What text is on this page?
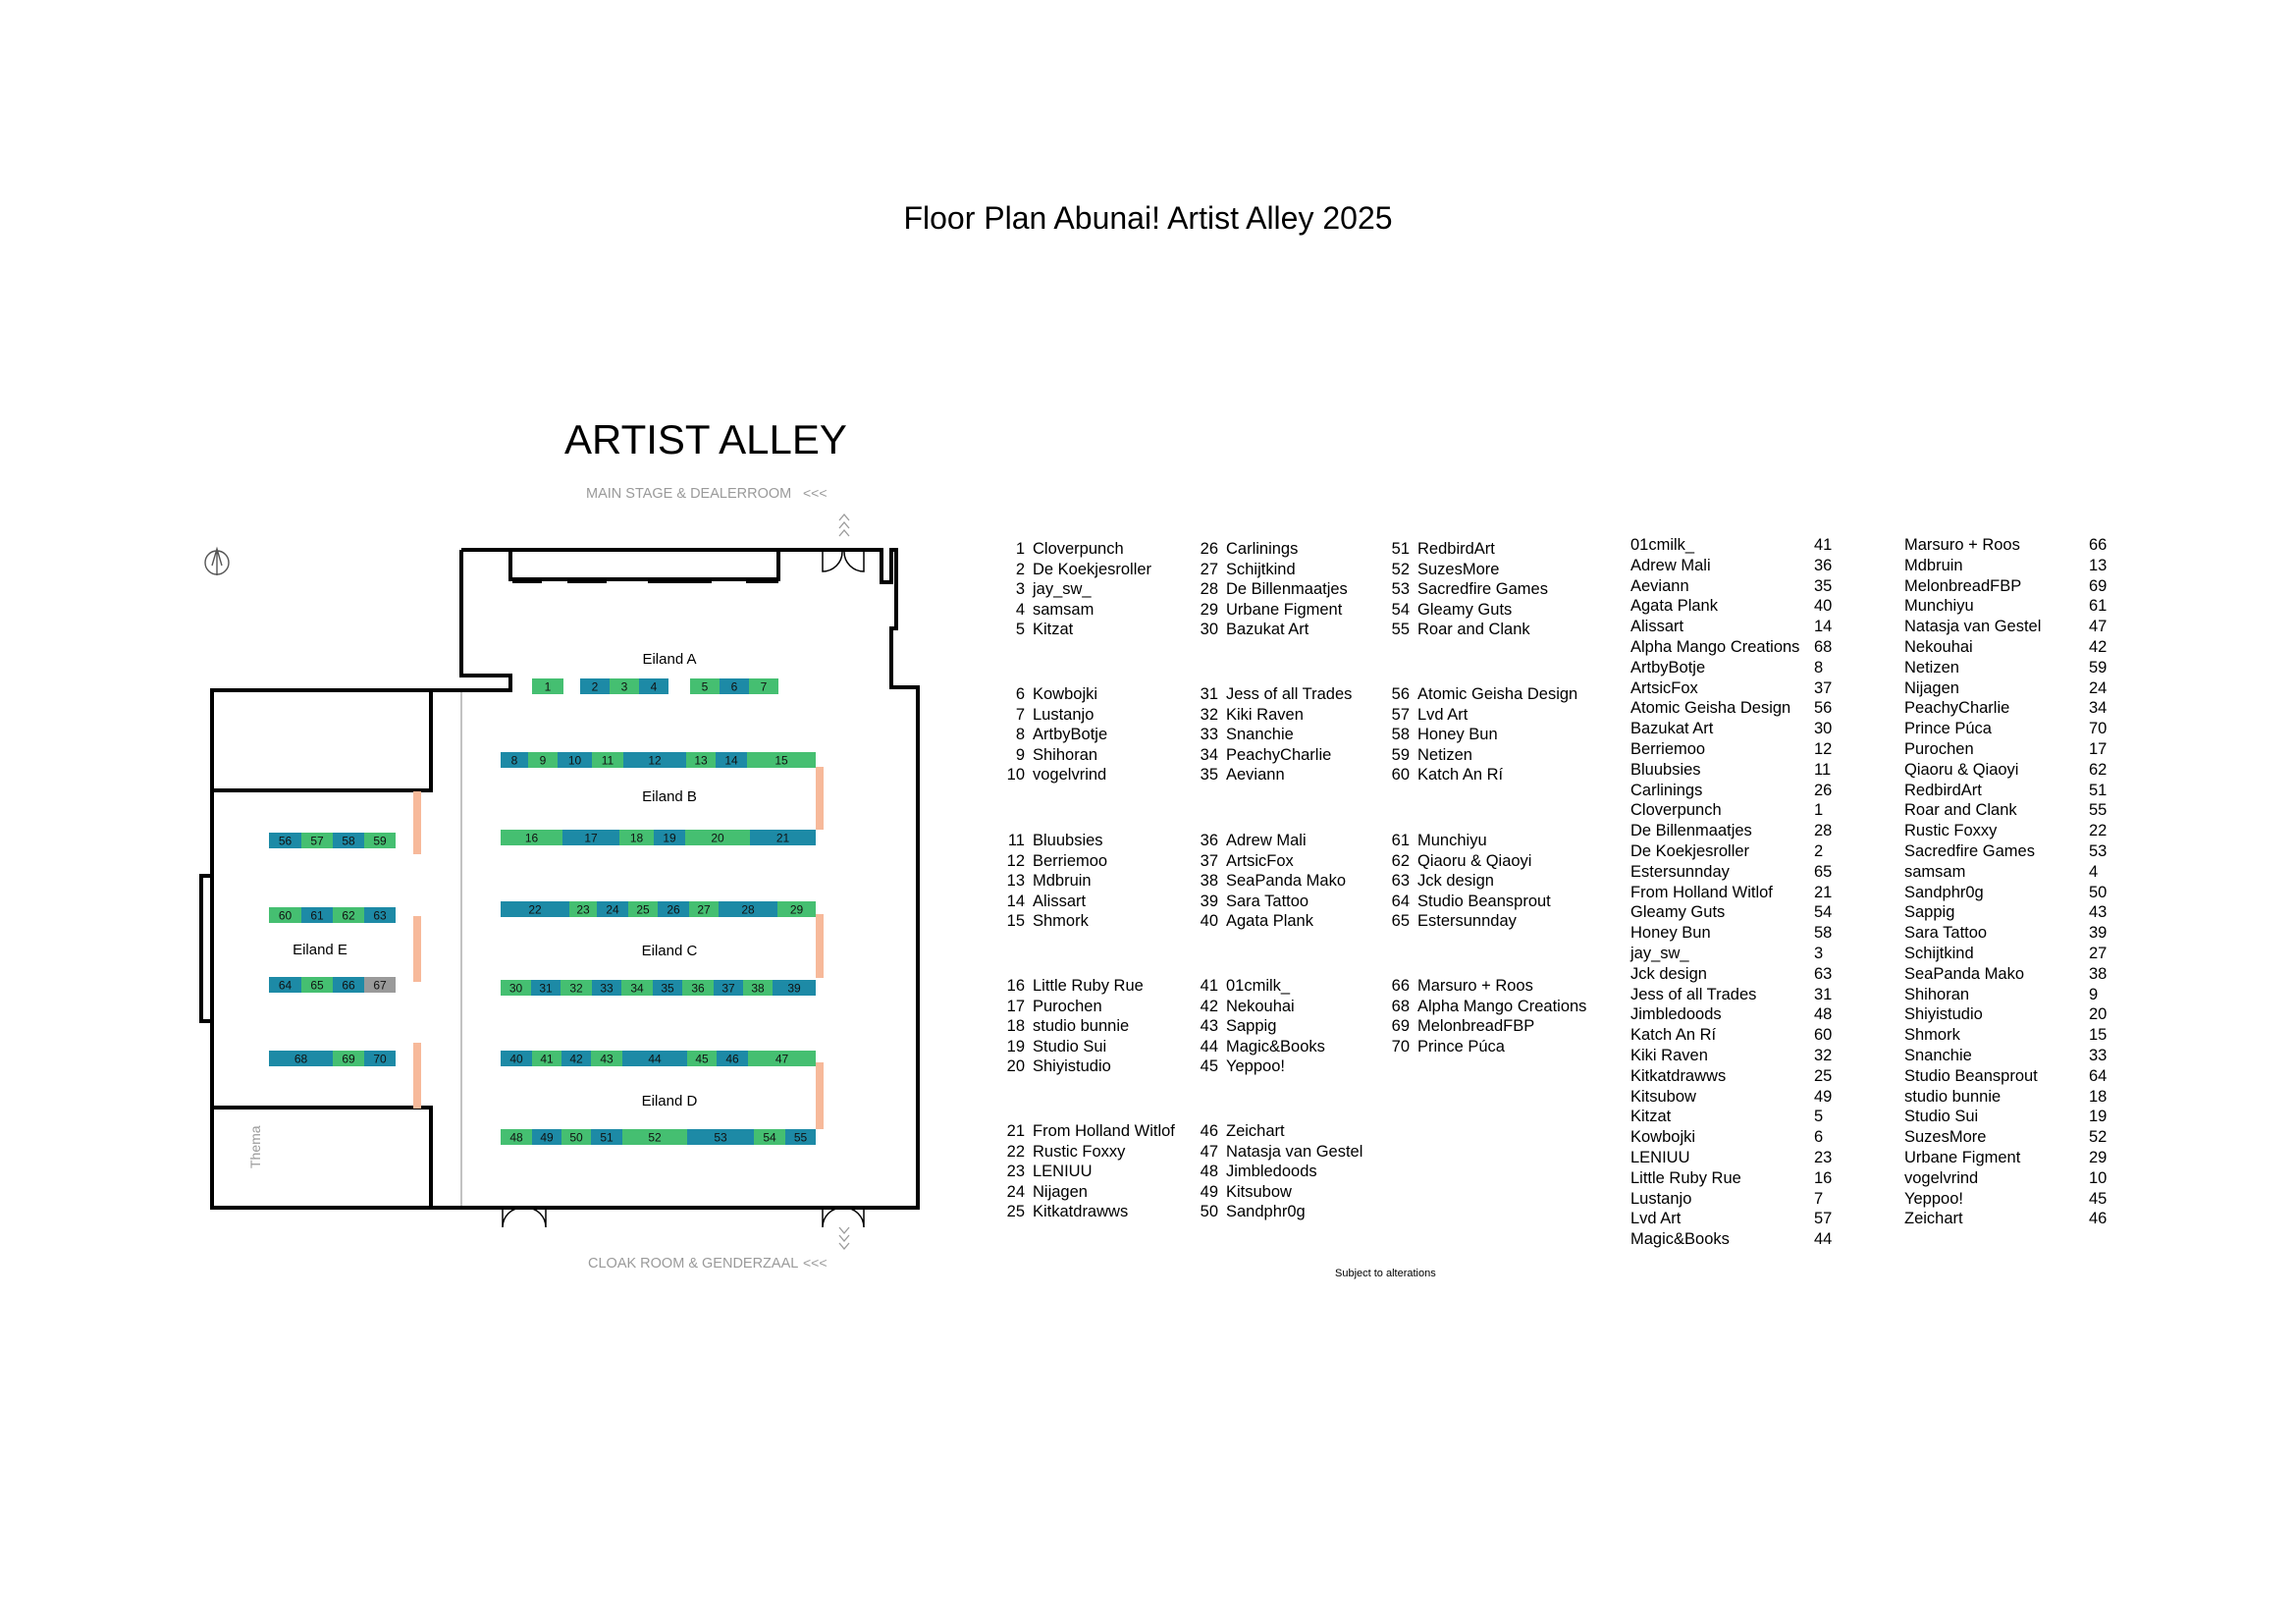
Floor Plan Abunai! Artist Alley 2025
ARTIST ALLEY
MAIN STAGE & DEALERROOM <<<
CLOAK ROOM & GENDERZAAL <<<
1	2 3 4	5 6 7
8 9 10 11	12	13 14	15
16	17	18 19	20	21
22	23 24 25 26 27	28	29
30 31 32 33 34 35 36 37 38 39
40 41 42 43	44	45 46	47
48 49 50 51	52	53	54 55
56 57 58 59
60 61 62 63
64 65 66 67
68	69 70
Eiland A
Eiland B
Eiland C
Eiland D
Eiland E
Thema
1 Cloverpunch
2 De Koekjesroller
3 jay_sw_
4 samsam
5 Kitzat
6 Kowbojki
7 Lustanjo
8 ArtbyBotje
9 Shihoran
10 vogelvrind
11 Bluubsies
12 Berriemoo
13 Mdbruin
14 Alissart
15 Shmork
16 Little Ruby Rue
17 Purochen
18 studio bunnie
19 Studio Sui
20 Shiyistudio
21 From Holland Witlof
22 Rustic Foxxy
23 LENIUU
24 Nijagen
25 Kitkatdrawws
26 Carlinings
27 Schijtkind
28 De Billenmaatjes
29 Urbane Figment
30 Bazukat Art
31 Jess of all Trades
32 Kiki Raven
33 Snanchie
34 PeachyCharlie
35 Aeviann
36 Adrew Mali
37 ArtsicFox
38 SeaPanda Mako
39 Sara Tattoo
40 Agata Plank
41 01cmilk_
42 Nekouhai
43 Sappig
44 Magic&Books
45 Yeppoo!
46 Zeichart
47 Natasja van Gestel
48 Jimbledoods
49 Kitsubow
50 Sandphr0g
51 RedbirdArt
52 SuzesMore
53 Sacredfire Games
54 Gleamy Guts
55 Roar and Clank
56 Atomic Geisha Design
57 Lvd Art
58 Honey Bun
59 Netizen
60 Katch An Rí
61 Munchiyu
62 Qiaoru & Qiaoyi
63 Jck design
64 Studio Beansprout
65 Estersunnday
66 Marsuro + Roos
68 Alpha Mango Creations
69 MelonbreadFBP
70 Prince Púca
01cmilk_	41
Adrew Mali	36
Aeviann	35
Agata Plank	40
Alissart	14
Alpha Mango Creations 68
ArtbyBotje	8
ArtsicFox	37
Atomic Geisha Design 56
Bazukat Art	30
Berriemoo	12
Bluubsies	11
Carlinings	26
Cloverpunch	1
De Billenmaatjes	28
De Koekjesroller	2
Estersunnday	65
From Holland Witlof	21
Gleamy Guts	54
Honey Bun	58
jay_sw_	3
Jck design	63
Jess of all Trades	31
Jimbledoods	48
Katch An Rí	60
Kiki Raven	32
Kitkatdrawws	25
Kitsubow	49
Kitzat	5
Kowbojki	6
LENIUU	23
Little Ruby Rue	16
Lustanjo	7
Lvd Art	57
Magic&Books	44
Marsuro + Roos	66
Mdbruin	13
MelonbreadFBP	69
Munchiyu	61
Natasja van Gestel	47
Nekouhai	42
Netizen	59
Nijagen	24
PeachyCharlie	34
Prince Púca	70
Purochen	17
Qiaoru & Qiaoyi	62
RedbirdArt	51
Roar and Clank	55
Rustic Foxxy	22
Sacredfire Games	53
samsam	4
Sandphr0g	50
Sappig	43
Sara Tattoo	39
Schijtkind	27
SeaPanda Mako	38
Shihoran	9
Shiyistudio	20
Shmork	15
Snanchie	33
Studio Beansprout	64
studio bunnie	18
Studio Sui	19
SuzesMore	52
Urbane Figment	29
vogelvrind	10
Yeppoo!	45
Zeichart	46
Subject to alterations
